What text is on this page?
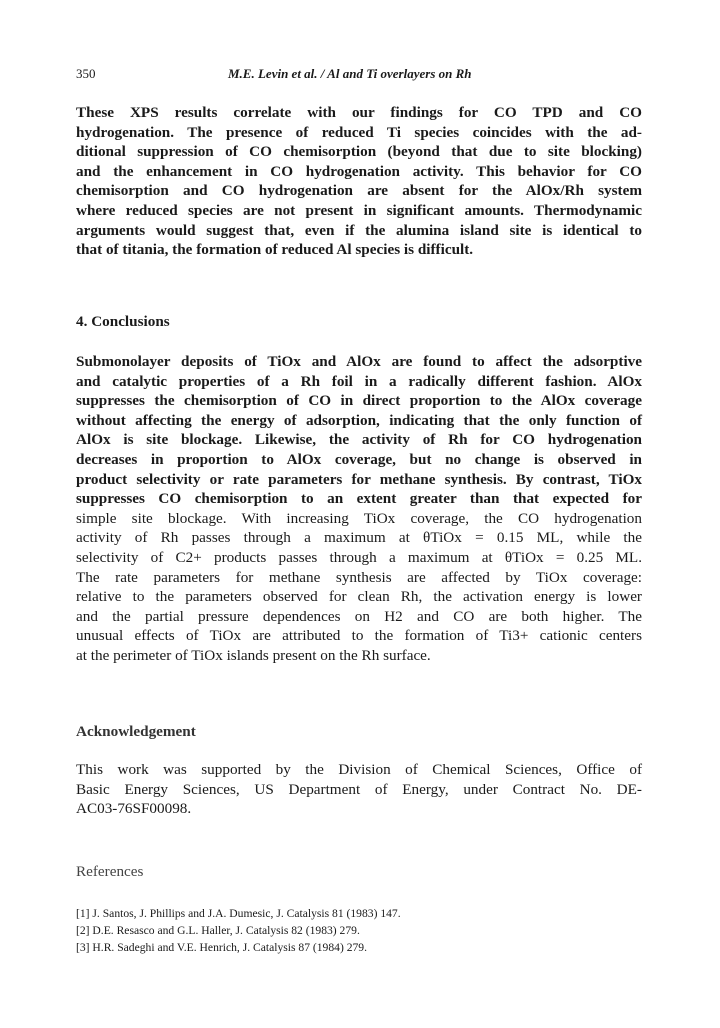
350	M.E. Levin et al. / Al and Ti overlayers on Rh

These XPS results correlate with our findings for CO TPD and CO
hydrogenation. The presence of reduced Ti species coincides with the ad-
ditional suppression of CO chemisorption (beyond that due to site blocking)
and the enhancement in CO hydrogenation activity. This behavior for CO
chemisorption and CO hydrogenation are absent for the AlOx/Rh system
where reduced species are not present in significant amounts. Thermodynamic
arguments would suggest that, even if the alumina island site is identical to
that of titania, the formation of reduced Al species is difficult.

4. Conclusions

Submonolayer deposits of TiOx and AlOx are found to affect the adsorptive
and catalytic properties of a Rh foil in a radically different fashion. AlOx
suppresses the chemisorption of CO in direct proportion to the AlOx coverage
without affecting the energy of adsorption, indicating that the only function of
AlOx is site blockage. Likewise, the activity of Rh for CO hydrogenation
decreases in proportion to AlOx coverage, but no change is observed in
product selectivity or rate parameters for methane synthesis. By contrast, TiOx
suppresses CO chemisorption to an extent greater than that expected for
simple site blockage. With increasing TiOx coverage, the CO hydrogenation
activity of Rh passes through a maximum at θTiOx = 0.15 ML, while the
selectivity of C2+ products passes through a maximum at θTiOx = 0.25 ML.
The rate parameters for methane synthesis are affected by TiOx coverage:
relative to the parameters observed for clean Rh, the activation energy is lower
and the partial pressure dependences on H2 and CO are both higher. The
unusual effects of TiOx are attributed to the formation of Ti3+ cationic centers
at the perimeter of TiOx islands present on the Rh surface.

Acknowledgement

This work was supported by the Division of Chemical Sciences, Office of
Basic Energy Sciences, US Department of Energy, under Contract No. DE-
AC03-76SF00098.

References
[1] J. Santos, J. Phillips and J.A. Dumesic, J. Catalysis 81 (1983) 147.
[2] D.E. Resasco and G.L. Haller, J. Catalysis 82 (1983) 279.
[3] H.R. Sadeghi and V.E. Henrich, J. Catalysis 87 (1984) 279.
